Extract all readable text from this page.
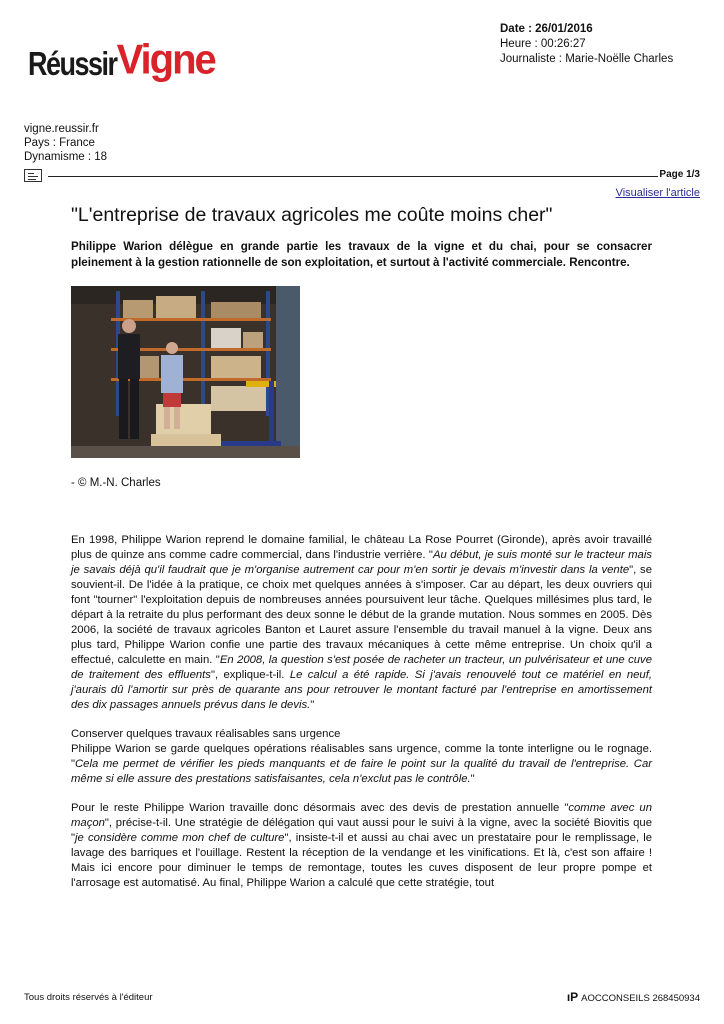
RéussirVigne
Date : 26/01/2016
Heure : 00:26:27
Journaliste : Marie-Noëlle Charles
vigne.reussir.fr
Pays : France
Dynamisme : 18
Page 1/3
Visualiser l'article
"L'entreprise de travaux agricoles me coûte moins cher"
Philippe Warion délègue en grande partie les travaux de la vigne et du chai, pour se consacrer pleinement à la gestion rationnelle de son exploitation, et surtout à l'activité commerciale. Rencontre.
- © M.-N. Charles

En 1998, Philippe Warion reprend le domaine familial, le château La Rose Pourret (Gironde), après avoir travaillé plus de quinze ans comme cadre commercial, dans l'industrie verrière. "Au début, je suis monté sur le tracteur mais je savais déjà qu'il faudrait que je m'organise autrement car pour m'en sortir je devais m'investir dans la vente", se souvient-il. De l'idée à la pratique, ce choix met quelques années à s'imposer. Car au départ, les deux ouvriers qui font "tourner" l'exploitation depuis de nombreuses années poursuivent leur tâche. Quelques millésimes plus tard, le départ à la retraite du plus performant des deux sonne le début de la grande mutation. Nous sommes en 2005. Dès 2006, la société de travaux agricoles Banton et Lauret assure l'ensemble du travail manuel à la vigne. Deux ans plus tard, Philippe Warion confie une partie des travaux mécaniques à cette même entreprise. Un choix qu'il a effectué, calculette en main. "En 2008, la question s'est posée de racheter un tracteur, un pulvérisateur et une cuve de traitement des effluents", explique-t-il. Le calcul a été rapide. Si j'avais renouvelé tout ce matériel en neuf, j'aurais dû l'amortir sur près de quarante ans pour retrouver le montant facturé par l'entreprise en amortissement des dix passages annuels prévus dans le devis."

Conserver quelques travaux réalisables sans urgence

Philippe Warion se garde quelques opérations réalisables sans urgence, comme la tonte interligne ou le rognage. "Cela me permet de vérifier les pieds manquants et de faire le point sur la qualité du travail de l'entreprise. Car même si elle assure des prestations satisfaisantes, cela n'exclut pas le contrôle."

Pour le reste Philippe Warion travaille donc désormais avec des devis de prestation annuelle "comme avec un maçon", précise-t-il. Une stratégie de délégation qui vaut aussi pour le suivi à la vigne, avec la société Biovitis que "je considère comme mon chef de culture", insiste-t-il et aussi au chai avec un prestataire pour le remplissage, le lavage des barriques et l'ouillage. Restent la réception de la vendange et les vinifications. Et là, c'est son affaire ! Mais ici encore pour diminuer le temps de remontage, toutes les cuves disposent de leur propre pompe et l'arrosage est automatisé. Au final, Philippe Warion a calculé que cette stratégie, tout

Tous droits réservés à l'éditeur	ıP AOCCONSEILS 268450934
